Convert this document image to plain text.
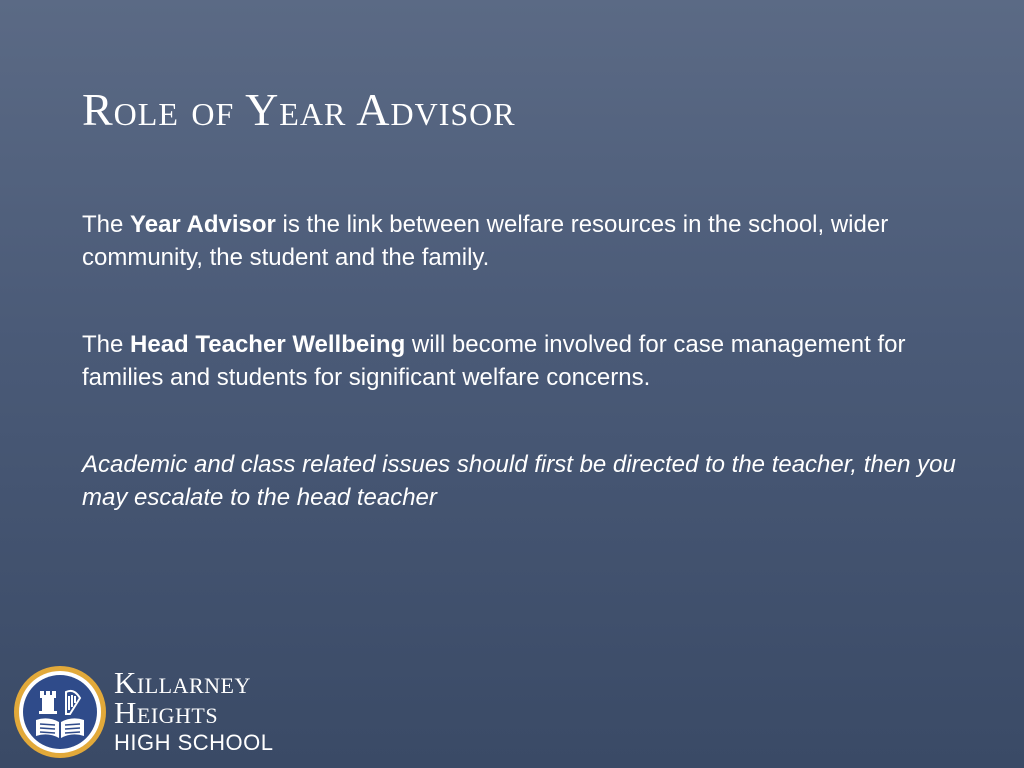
Role of Year Advisor

The Year Advisor is the link between welfare resources in the school, wider community, the student and the family.

The Head Teacher Wellbeing will become involved for case management for families and students for significant welfare concerns.

Academic and class related issues should first be directed to the teacher, then you may escalate to the head teacher

Killarney
Heights
HIGH SCHOOL
